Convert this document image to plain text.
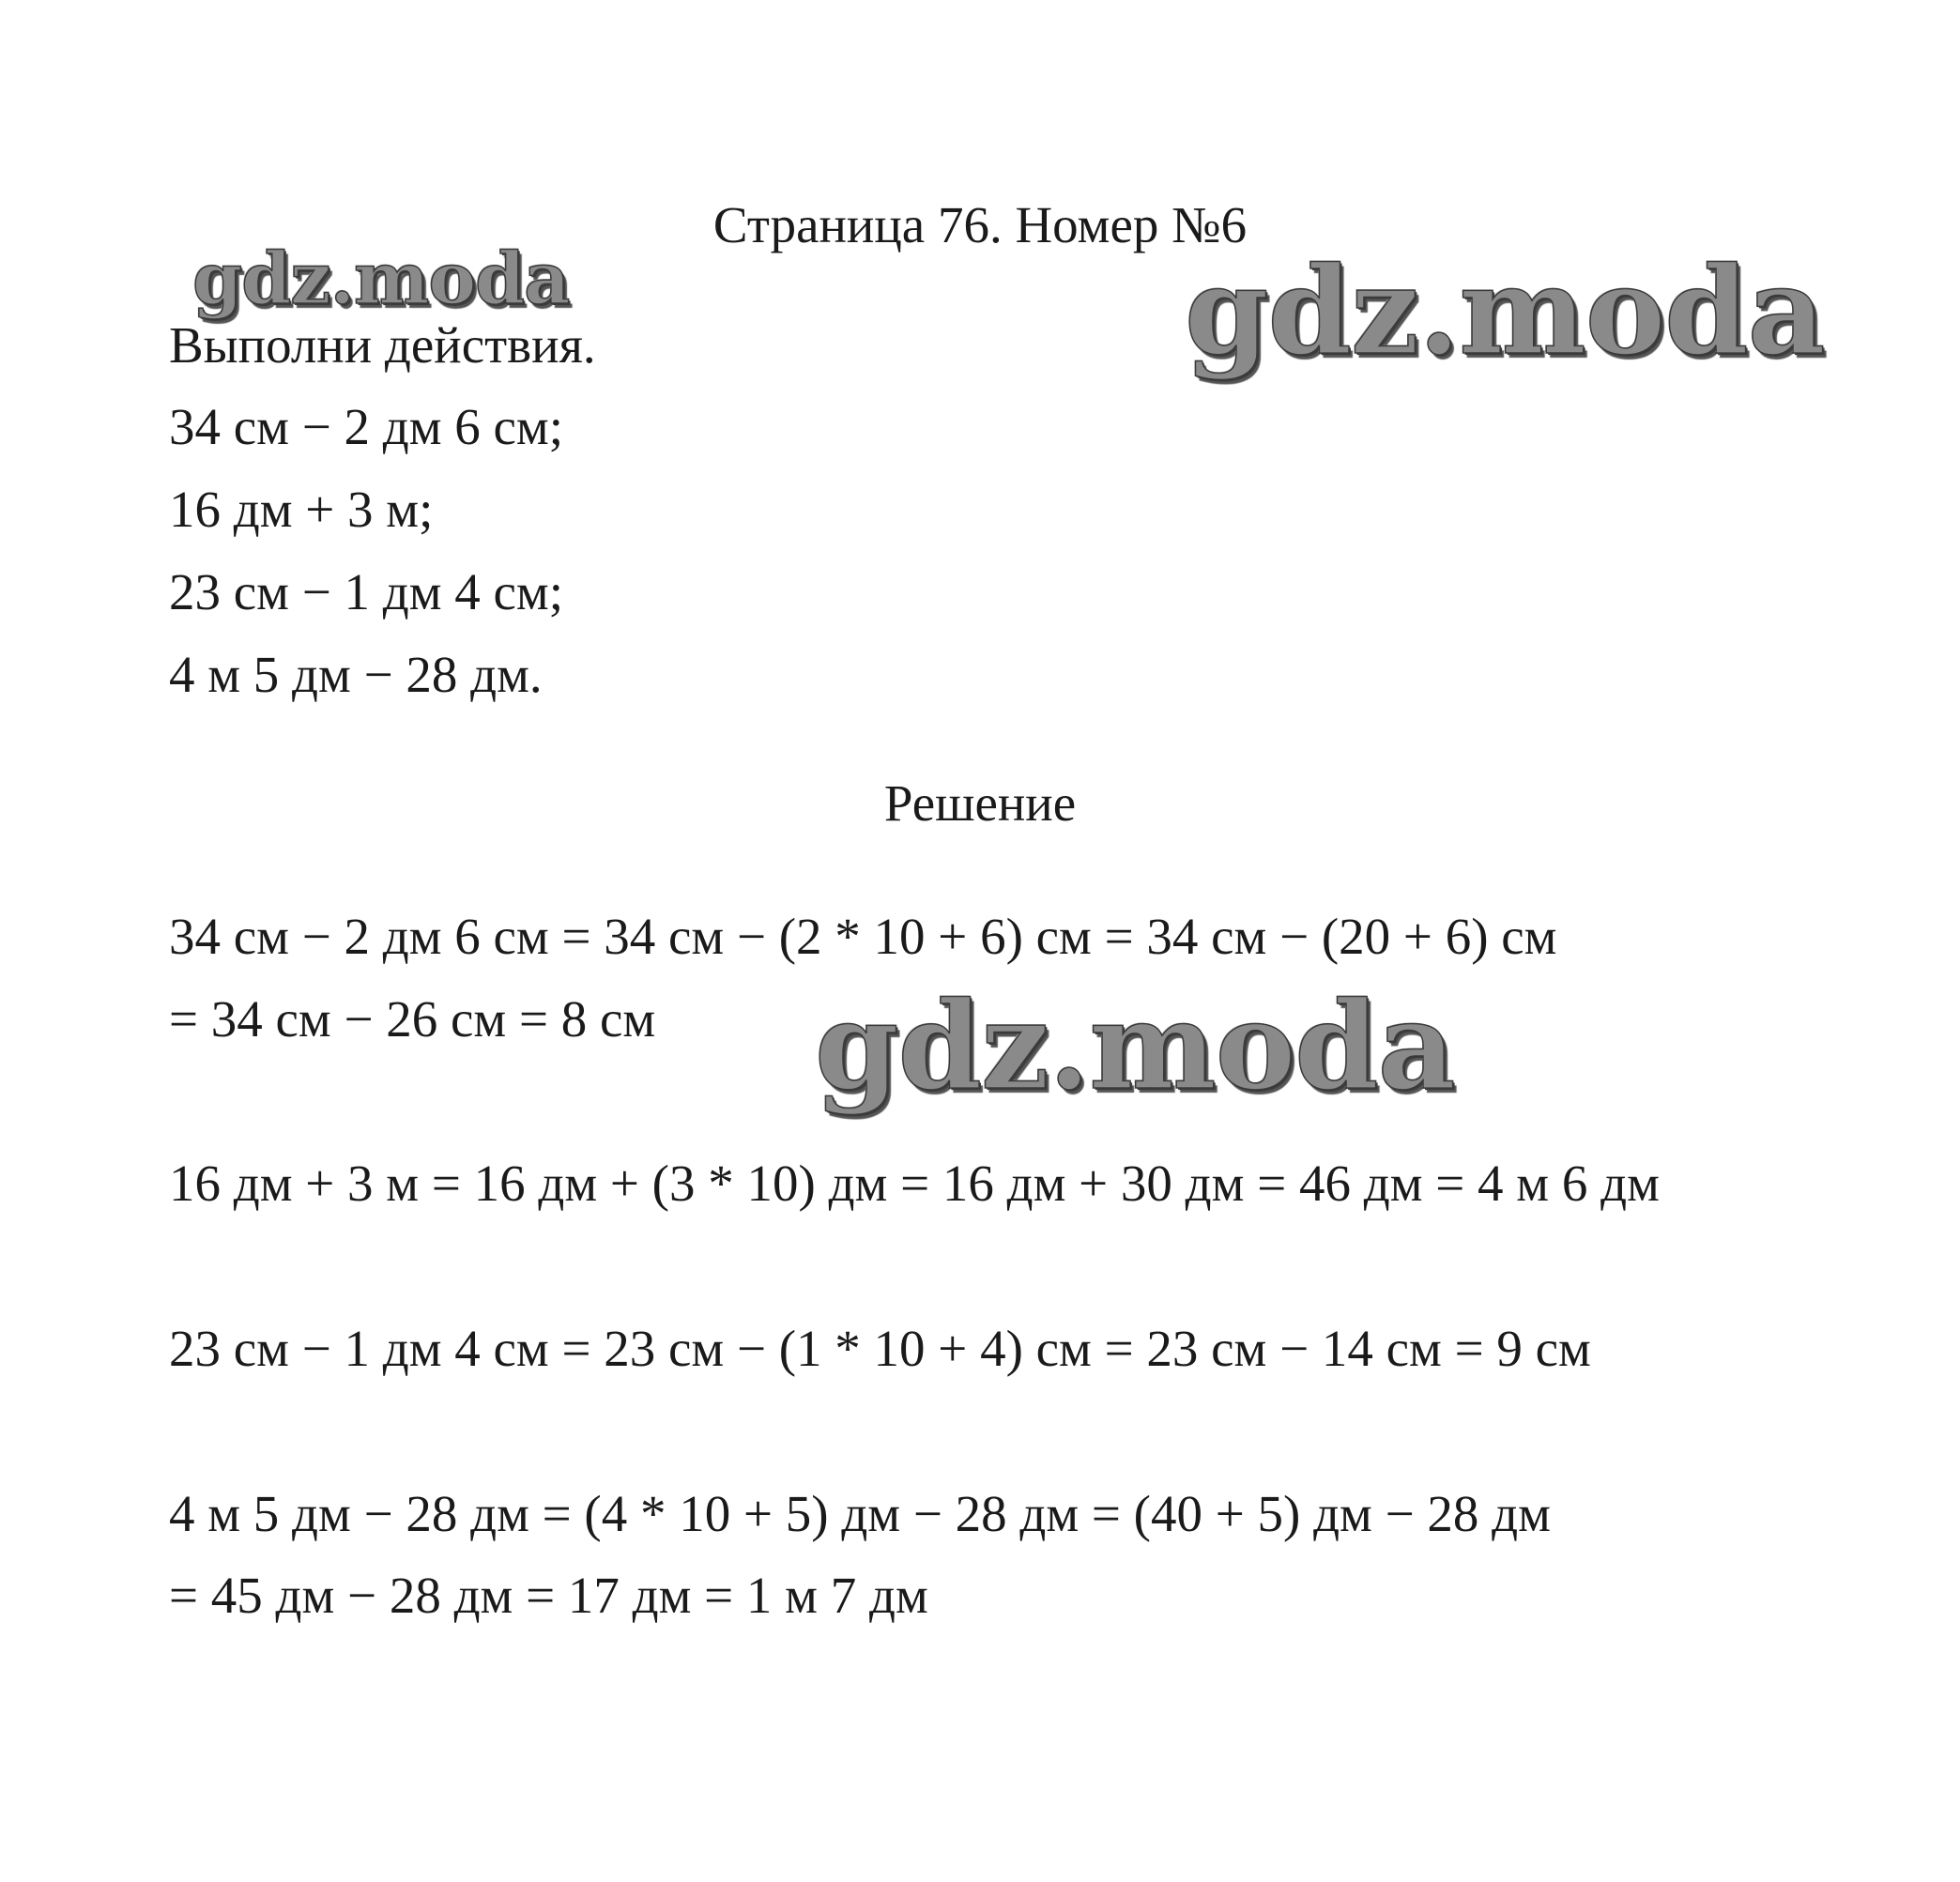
Страница 76. Номер №6
gdz.moda	gdz.moda

Выполни действия.

34 см − 2 дм 6 см;

16 дм + 3 м;

23 см − 1 дм 4 см;

4 м 5 дм − 28 дм.

Решение

34 см − 2 дм 6 см = 34 см − (2 * 10 + 6) см = 34 см − (20 + 6) см

= 34 см − 26 см = 8 см

16 дм + 3 м = 16 дм + (3 * 10) дм = 16 дм + 30 дм = 46 дм = 4 м 6 дм

23 см − 1 дм 4 см = 23 см − (1 * 10 + 4) см = 23 см − 14 см = 9 см

4 м 5 дм − 28 дм = (4 * 10 + 5) дм − 28 дм = (40 + 5) дм − 28 дм

= 45 дм − 28 дм = 17 дм = 1 м 7 дм

gdz.moda
